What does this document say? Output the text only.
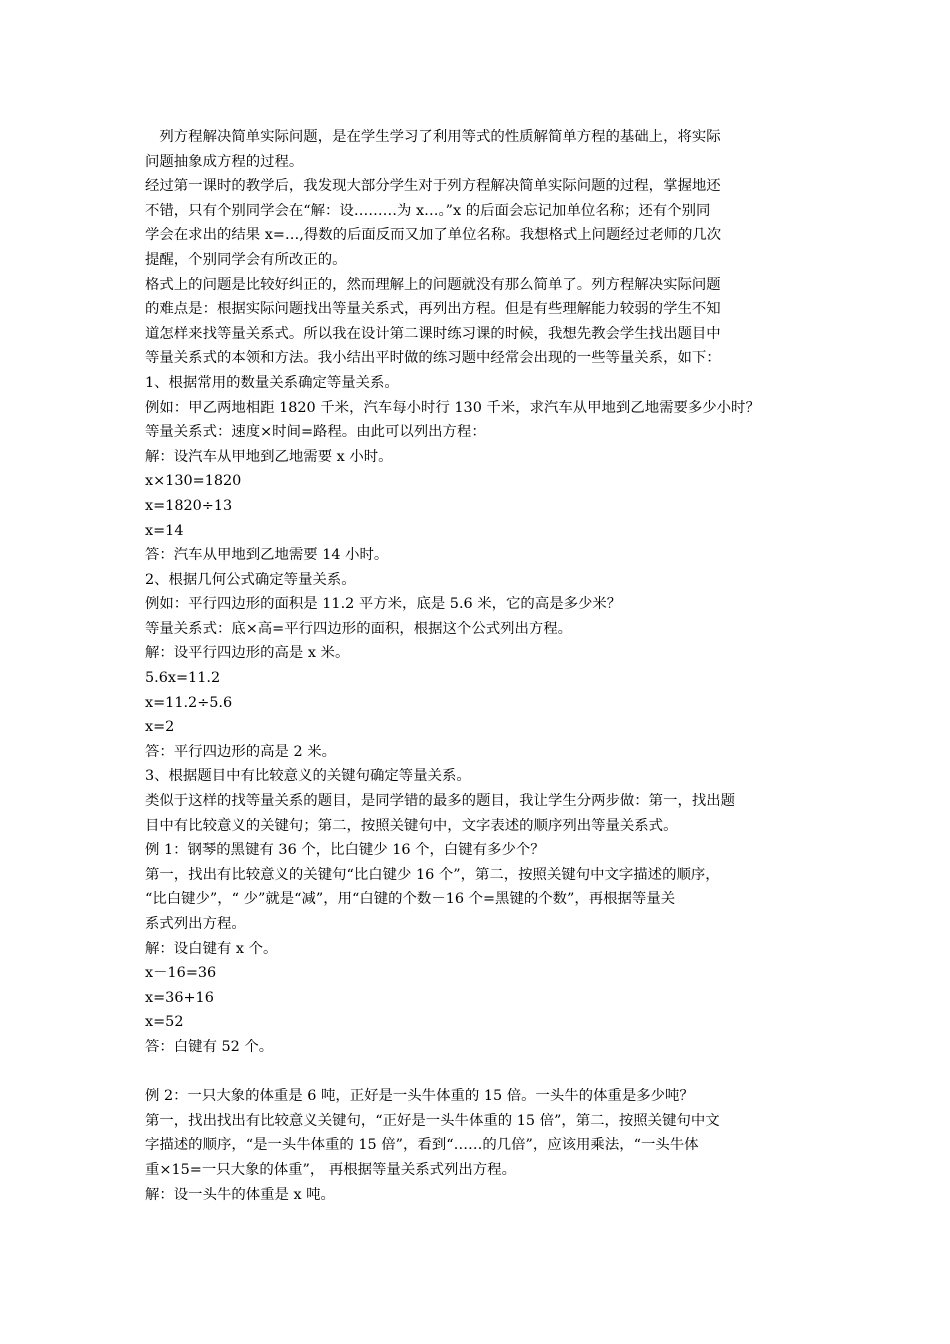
　列方程解决简单实际问题，是在学生学习了利用等式的性质解简单方程的基础上，将实际
问题抽象成方程的过程。
经过第一课时的教学后，我发现大部分学生对于列方程解决简单实际问题的过程，掌握地还
不错，只有个别同学会在“解：设………为 x…。”x 的后面会忘记加单位名称；还有个别同
学会在求出的结果 x=…,得数的后面反而又加了单位名称。我想格式上问题经过老师的几次
提醒，个别同学会有所改正的。
格式上的问题是比较好纠正的，然而理解上的问题就没有那么简单了。列方程解决实际问题
的难点是：根据实际问题找出等量关系式，再列出方程。但是有些理解能力较弱的学生不知
道怎样来找等量关系式。所以我在设计第二课时练习课的时候，我想先教会学生找出题目中
等量关系式的本领和方法。我小结出平时做的练习题中经常会出现的一些等量关系，如下：
1、根据常用的数量关系确定等量关系。
例如：甲乙两地相距 1820 千米，汽车每小时行 130 千米，求汽车从甲地到乙地需要多少小时？
等量关系式：速度×时间=路程。由此可以列出方程：
解：设汽车从甲地到乙地需要 x 小时。
x×130=1820
x=1820÷13
x=14
答：汽车从甲地到乙地需要 14 小时。
2、根据几何公式确定等量关系。
例如：平行四边形的面积是 11.2 平方米，底是 5.6 米，它的高是多少米？
等量关系式：底×高=平行四边形的面积，根据这个公式列出方程。
解：设平行四边形的高是 x 米。
5.6x=11.2
x=11.2÷5.6
x=2
答：平行四边形的高是 2 米。
3、根据题目中有比较意义的关键句确定等量关系。
类似于这样的找等量关系的题目，是同学错的最多的题目，我让学生分两步做：第一，找出题
目中有比较意义的关键句；第二，按照关键句中，文字表述的顺序列出等量关系式。
例 1：钢琴的黑键有 36 个，比白键少 16 个，白键有多少个？
第一，找出有比较意义的关键句“比白键少 16 个”，第二，按照关键句中文字描述的顺序，
“比白键少”，“ 少”就是“减”，用“白键的个数－16 个=黑键的个数”，再根据等量关
系式列出方程。
解：设白键有 x 个。
x－16=36
x=36+16
x=52
答：白键有 52 个。
例 2：一只大象的体重是 6 吨，正好是一头牛体重的 15 倍。一头牛的体重是多少吨？
第一，找出找出有比较意义关键句，“正好是一头牛体重的 15 倍”，第二，按照关键句中文
字描述的顺序，“是一头牛体重的 15 倍”，看到“……的几倍”，应该用乘法，“一头牛体
重×15=一只大象的体重”， 再根据等量关系式列出方程。
解：设一头牛的体重是 x 吨。
